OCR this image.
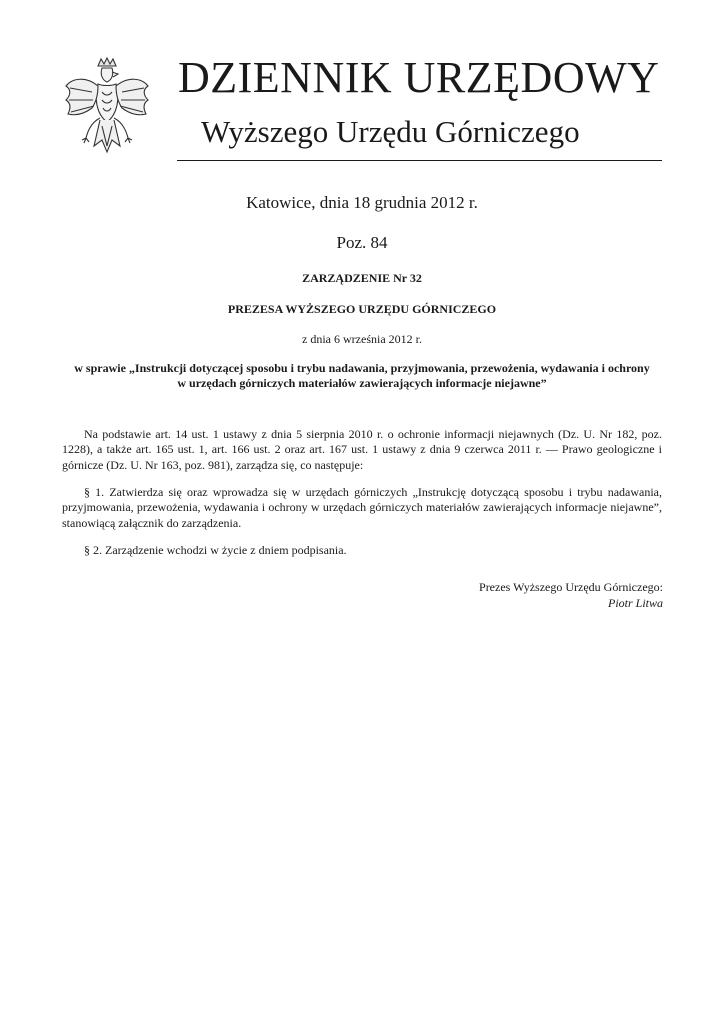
DZIENNIK URZĘDOWY
Wyższego Urzędu Górniczego
Katowice, dnia 18 grudnia 2012 r.
Poz. 84
ZARZĄDZENIE Nr 32
PREZESA WYŻSZEGO URZĘDU GÓRNICZEGO
z dnia 6 września 2012 r.
w sprawie „Instrukcji dotyczącej sposobu i trybu nadawania, przyjmowania, przewożenia, wydawania i ochrony
w urzędach górniczych materiałów zawierających informacje niejawne”

Na podstawie art. 14 ust. 1 ustawy z dnia 5 sierpnia 2010 r. o ochronie informacji niejawnych (Dz. U. Nr 182, poz. 1228), a także art. 165 ust. 1, art. 166 ust. 2 oraz art. 167 ust. 1 ustawy z dnia 9 czerwca 2011 r. — Prawo geologiczne i górnicze (Dz. U. Nr 163, poz. 981), zarządza się, co następuje:

§ 1. Zatwierdza się oraz wprowadza się w urzędach górniczych „Instrukcję dotyczącą sposobu i trybu nadawania, przyjmowania, przewożenia, wydawania i ochrony w urzędach górniczych materiałów zawierających informacje niejawne”, stanowiącą załącznik do zarządzenia.

§ 2. Zarządzenie wchodzi w życie z dniem podpisania.

Prezes Wyższego Urzędu Górniczego:
Piotr Litwa
